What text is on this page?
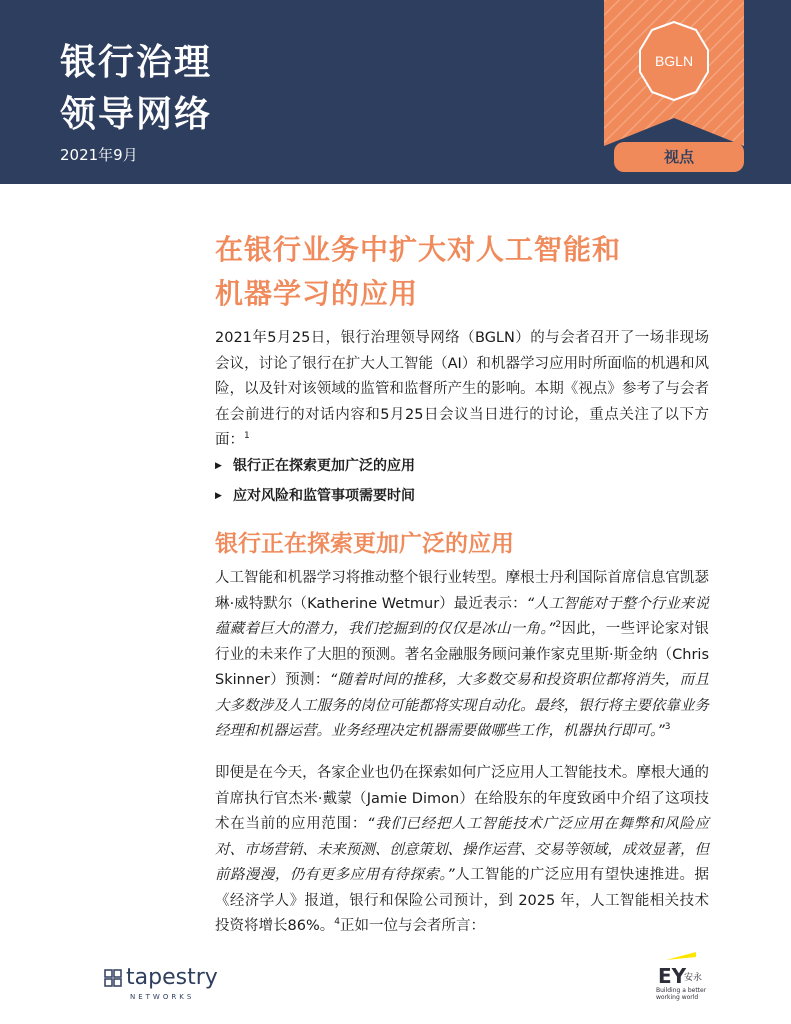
银行治理
领导网络
2021年9月
BGLN
视点
在银行业务中扩大对人工智能和
机器学习的应用

2021年5月25日，银行治理领导网络（BGLN）的与会者召开了一场非现场会议，讨论了银行在扩大人工智能（AI）和机器学习应用时所面临的机遇和风险，以及针对该领域的监管和监督所产生的影响。本期《视点》参考了与会者在会前进行的对话内容和5月25日会议当日进行的讨论，重点关注了以下方面：$^1$

▶ 银行正在探索更加广泛的应用
▶ 应对风险和监管事项需要时间
银行正在探索更加广泛的应用

人工智能和机器学习将推动整个银行业转型。摩根士丹利国际首席信息官凯瑟琳·威特默尔（Katherine Wetmur）最近表示：“人工智能对于整个行业来说蕴藏着巨大的潜力，我们挖掘到的仅仅是冰山一角。”$^2$因此，一些评论家对银行业的未来作了大胆的预测。著名金融服务顾问兼作家克里斯·斯金纳（Chris Skinner）预测：“随着时间的推移，大多数交易和投资职位都将消失，而且大多数涉及人工服务的岗位可能都将实现自动化。最终，银行将主要依靠业务经理和机器运营。业务经理决定机器需要做哪些工作，机器执行即可。”$^3$

即便是在今天，各家企业也仍在探索如何广泛应用人工智能技术。摩根大通的首席执行官杰米·戴蒙（Jamie Dimon）在给股东的年度致函中介绍了这项技术在当前的应用范围：“我们已经把人工智能技术广泛应用在舞弊和风险应对、市场营销、未来预测、创意策划、操作运营、交易等领域，成效显著，但前路漫漫，仍有更多应用有待探索。”人工智能的广泛应用有望快速推进。据《经济学人》报道，银行和保险公司预计，到 2025 年，人工智能相关技术投资将增长86%。$^4$正如一位与会者所言：

tapestry
NETWORKS
EY
安永
Building a better working world
